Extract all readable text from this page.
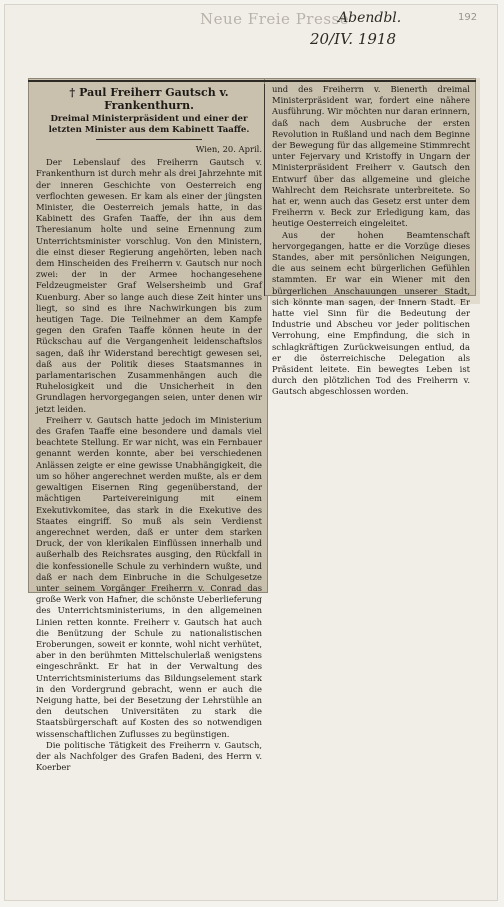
Neue Freie Presse
Abendbl.
20/IV. 1918
192
† Paul Freiherr Gautsch v. Frankenthurn.
Dreimal Ministerpräsident und einer der letzten Minister aus dem Kabinett Taaffe.
Wien, 20. April.

Der Lebenslauf des Freiherrn Gautsch v. Frankenthurn ist durch mehr als drei Jahrzehnte mit der inneren Geschichte von Oesterreich eng verflochten gewesen. Er kam als einer der jüngsten Minister, die Oesterreich jemals hatte, in das Kabinett des Grafen Taaffe, der ihn aus dem Theresianum holte und seine Ernennung zum Unterrichtsminister vorschlug. Von den Ministern, die einst dieser Regierung angehörten, leben nach dem Hinscheiden des Freiherrn v. Gautsch nur noch zwei: der in der Armee hochangesehene Feldzeugmeister Graf Welsersheimb und Graf Kuenburg. Aber so lange auch diese Zeit hinter uns liegt, so sind es ihre Nachwirkungen bis zum heutigen Tage. Die Teilnehmer an dem Kampfe gegen den Grafen Taaffe können heute in der Rückschau auf die Vergangenheit leidenschaftslos sagen, daß ihr Widerstand berechtigt gewesen sei, daß aus der Politik dieses Staatsmannes in parlamentarischen Zusammenhängen auch die Ruhelosigkeit und die Unsicherheit in den Grundlagen hervorgegangen seien, unter denen wir jetzt leiden.

Freiherr v. Gautsch hatte jedoch im Ministerium des Grafen Taaffe eine besondere und damals viel beachtete Stellung. Er war nicht, was ein Fernbauer genannt werden konnte, aber bei verschiedenen Anlässen zeigte er eine gewisse Unabhängigkeit, die um so höher angerechnet werden mußte, als er dem gewaltigen Eisernen Ring gegenüberstand, der mächtigen Parteivereinigung mit einem Exekutivkomitee, das stark in die Exekutive des Staates eingriff. So muß als sein Verdienst angerechnet werden, daß er unter dem starken Druck, der von klerikalen Einflüssen innerhalb und außerhalb des Reichsrates ausging, den Rückfall in die konfessionelle Schule zu verhindern wußte, und daß er nach dem Einbruche in die Schulgesetze unter seinem Vorgänger Freiherrn v. Conrad das große Werk von Hafner, die schönste Ueberlieferung des Unterrichtsministeriums, in den allgemeinen Linien retten konnte. Freiherr v. Gautsch hat auch die Benützung der Schule zu nationalistischen Eroberungen, soweit er konnte, wohl nicht verhütet, aber in den berühmten Mittelschulerlaß wenigstens eingeschränkt. Er hat in der Verwaltung des Unterrichtsministeriums das Bildungselement stark in den Vordergrund gebracht, wenn er auch die Neigung hatte, bei der Besetzung der Lehrstühle an den deutschen Universitäten zu stark die Staatsbürgerschaft auf Kosten des so notwendigen wissenschaftlichen Zuflusses zu begünstigen.

Die politische Tätigkeit des Freiherrn v. Gautsch, der als Nachfolger des Grafen Badeni, des Herrn v. Koerber

und des Freiherrn v. Bienerth dreimal Ministerpräsident war, fordert eine nähere Ausführung. Wir möchten nur daran erinnern, daß nach dem Ausbruche der ersten Revolution in Rußland und nach dem Beginne der Bewegung für das allgemeine Stimmrecht unter Fejervary und Kristoffy in Ungarn der Ministerpräsident Freiherr v. Gautsch den Entwurf über das allgemeine und gleiche Wahlrecht dem Reichsrate unterbreitete. So hat er, wenn auch das Gesetz erst unter dem Freiherrn v. Beck zur Erledigung kam, das heutige Oesterreich eingeleitet.

Aus der hohen Beamtenschaft hervorgegangen, hatte er die Vorzüge dieses Standes, aber mit persönlichen Neigungen, die aus seinem echt bürgerlichen Gefühlen stammten. Er war ein Wiener mit den bürgerlichen Anschauungen unserer Stadt, sich könnte man sagen, der Innern Stadt. Er hatte viel Sinn für die Bedeutung der Industrie und Abscheu vor jeder politischen Verrohung, eine Empfindung, die sich in schlagkräftigen Zurückweisungen entlud, da er die österreichische Delegation als Präsident leitete. Ein bewegtes Leben ist durch den plötzlichen Tod des Freiherrn v. Gautsch abgeschlossen worden.
